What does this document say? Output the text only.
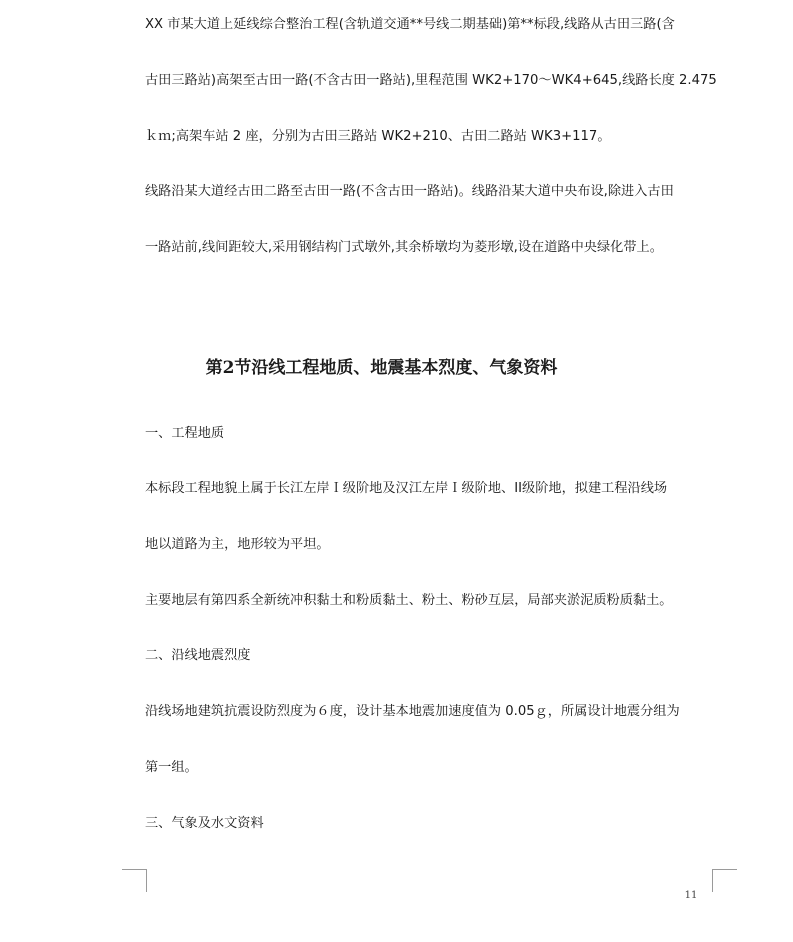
XX 市某大道上延线综合整治工程(含轨道交通**号线二期基础)第**标段,线路从古田三路(含
古田三路站)高架至古田一路(不含古田一路站),里程范围 WK2+170～WK4+645,线路长度 2.475
ｋｍ;高架车站 2 座，分别为古田三路站 WK2+210、古田二路站 WK3+117。
线路沿某大道经古田二路至古田一路(不含古田一路站)。线路沿某大道中央布设,除进入古田
一路站前,线间距较大,采用钢结构门式墩外,其余桥墩均为菱形墩,设在道路中央绿化带上。
第2节沿线工程地质、地震基本烈度、气象资料
一、工程地质
本标段工程地貌上属于长江左岸Ｉ级阶地及汉江左岸Ｉ级阶地、II级阶地，拟建工程沿线场
地以道路为主，地形较为平坦。
主要地层有第四系全新统冲积黏土和粉质黏土、粉土、粉砂互层，局部夹淤泥质粉质黏土。
二、沿线地震烈度
沿线场地建筑抗震设防烈度为６度，设计基本地震加速度值为 0.05ｇ，所属设计地震分组为
第一组。
三、气象及水文资料
11
